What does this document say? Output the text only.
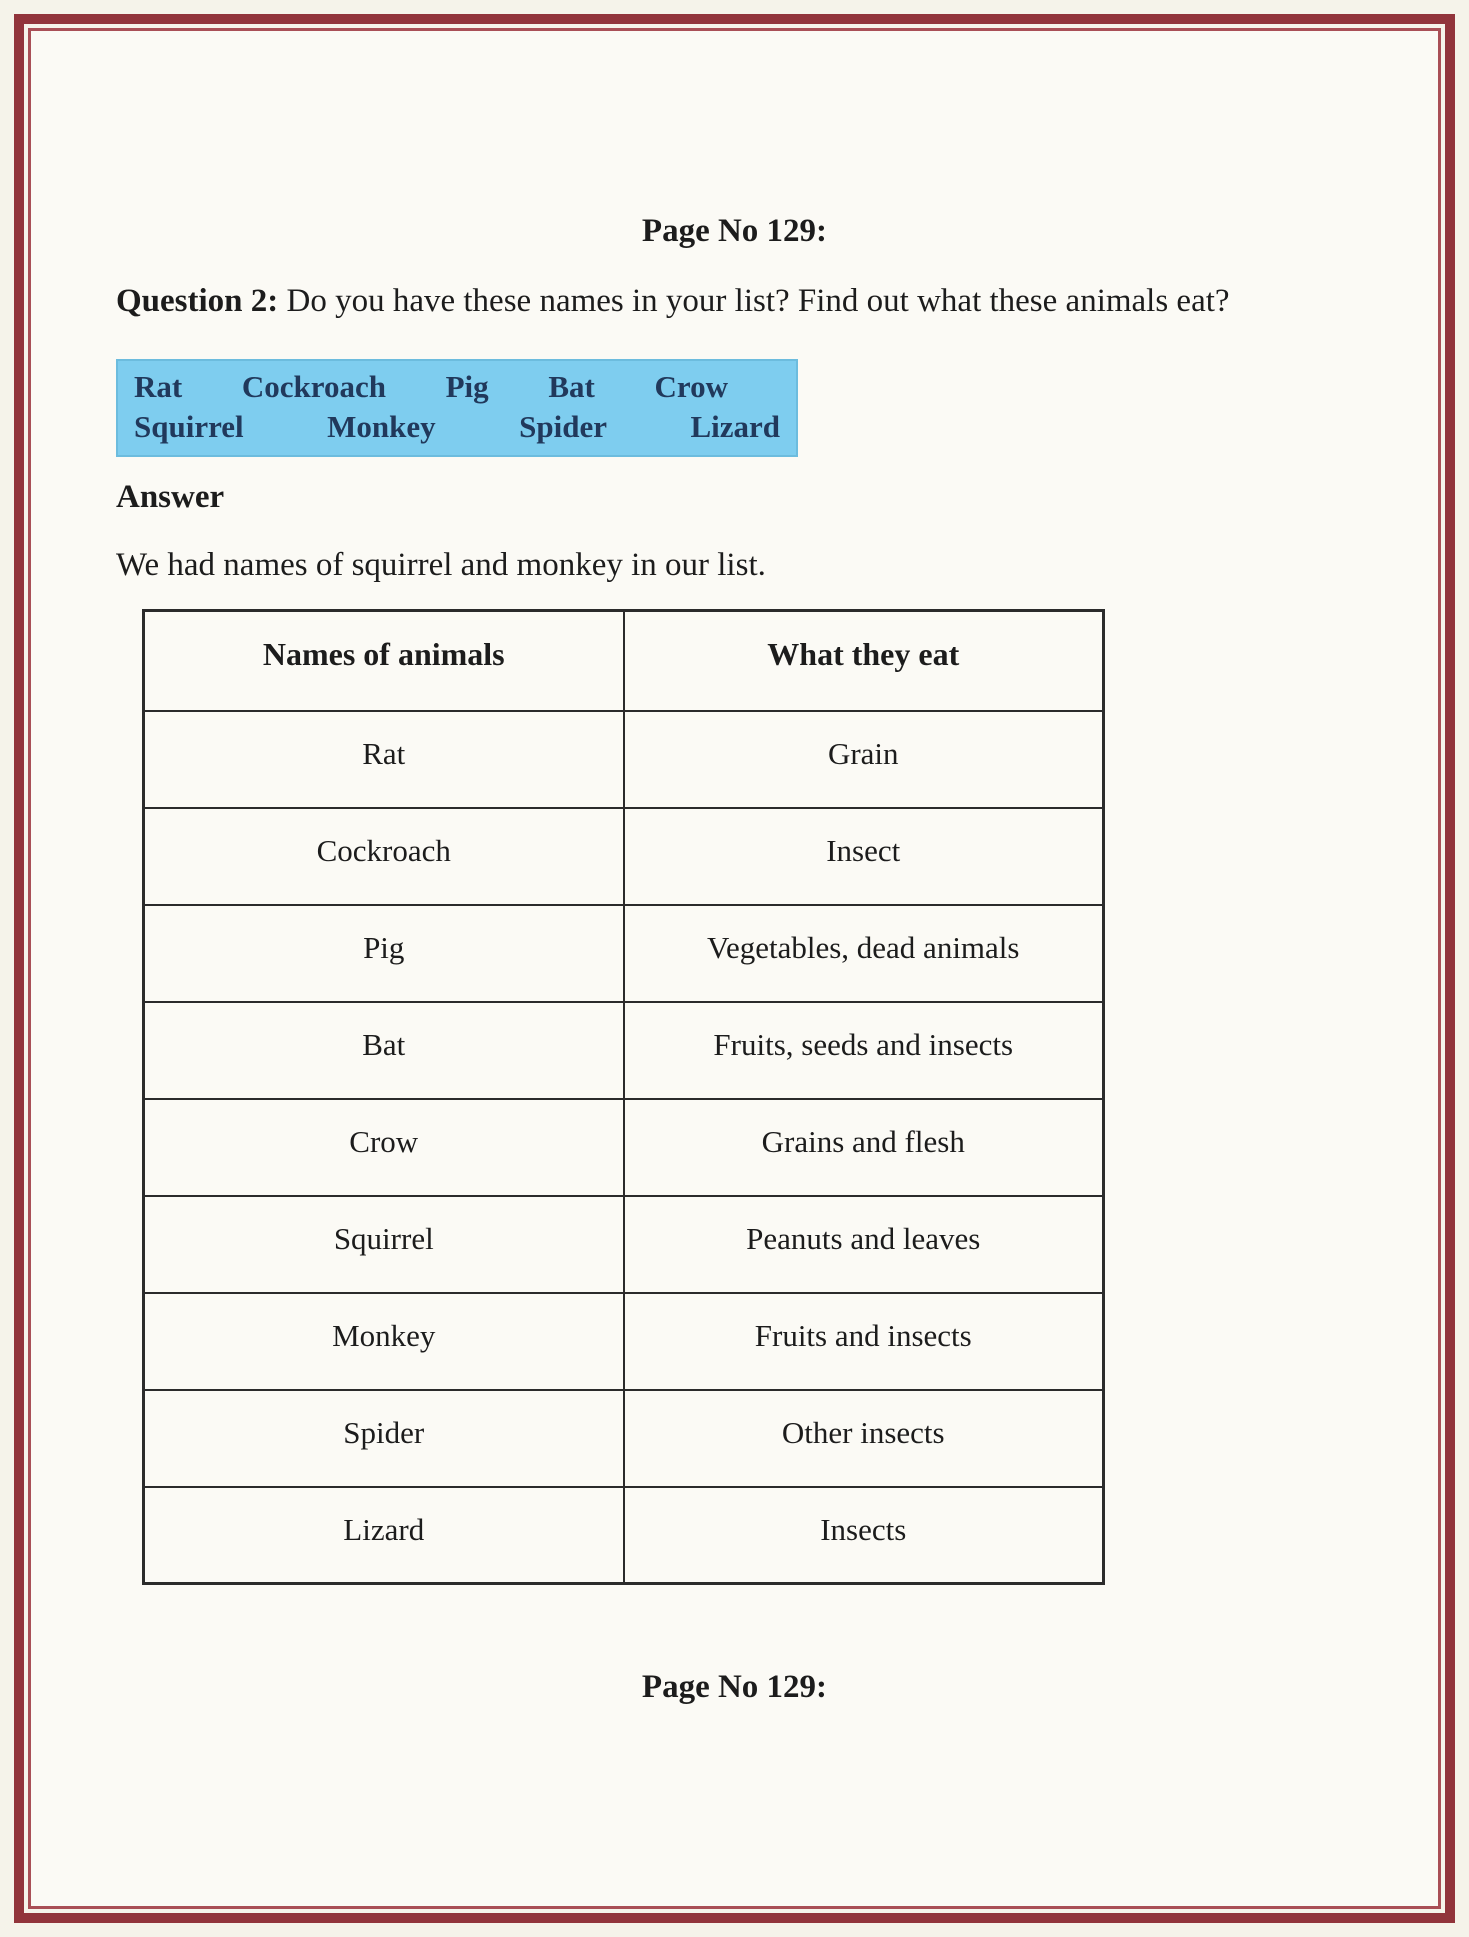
Page No 129:

Question 2: Do you have these names in your list? Find out what these animals eat?

Rat Cockroach Pig Bat Crow
Squirrel	Monkey	Spider	Lizard

Answer

We had names of squirrel and monkey in our list.

Names of animals	What they eat
Rat	Grain
Cockroach	Insect
Pig	Vegetables, dead animals
Bat	Fruits, seeds and insects
Crow	Grains and flesh
Squirrel	Peanuts and leaves
Monkey	Fruits and insects
Spider	Other insects
Lizard	Insects
Page No 129:
